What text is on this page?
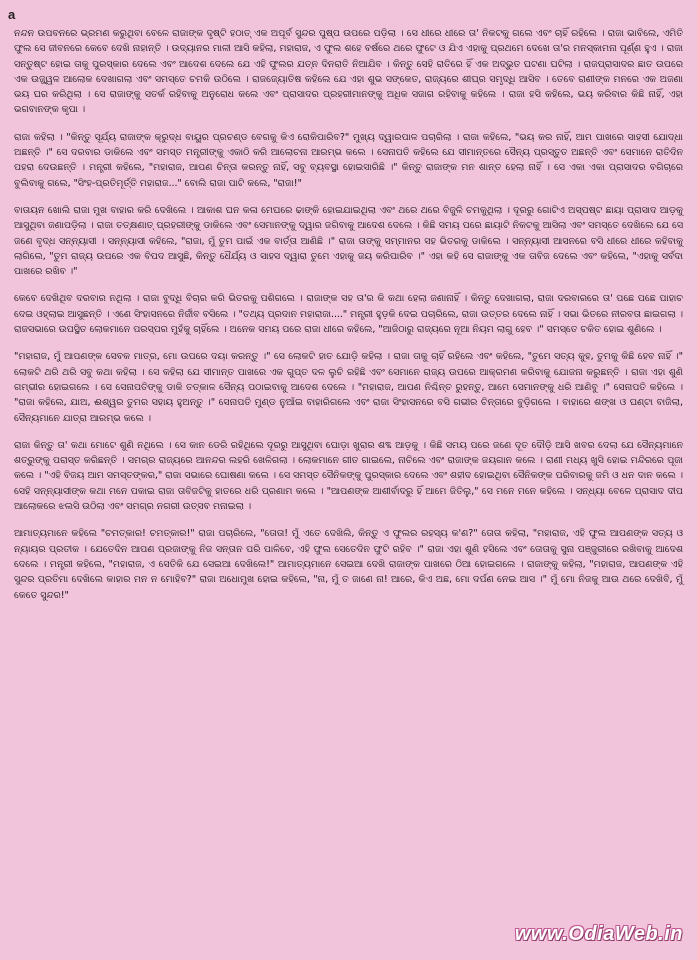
a

ନନ୍ଦନ ଉପବନରେ ଭ୍ରମଣ କରୁଥିବା ବେଳେ ରାଜାଙ୍କ ଦୃଷ୍ଟି ହଠାତ୍ ଏକ ଅପୂର୍ବ ସୁନ୍ଦର ପୁଷ୍ପ ଉପରେ ପଡ଼ିଲା । ସେ ଧୀରେ ଧୀରେ ତା' ନିକଟକୁ ଗଲେ ଏବଂ ଚାହିଁ ରହିଲେ । ରାଜା ଭାବିଲେ, ଏମିତି ଫୁଲ ସେ ଜୀବନରେ କେବେ ଦେଖି ନାହାନ୍ତି । ଉଦ୍ୟାନର ମାଳୀ ଆସି କହିଲା, ମହାରାଜ, ଏ ଫୁଲ ଶହେ ବର୍ଷରେ ଥରେ ଫୁଟେ ଓ ଯିଏ ଏହାକୁ ପ୍ରଥମେ ଦେଖେ ତା'ର ମନସ୍କାମନା ପୂର୍ଣ୍ଣ ହୁଏ । ରାଜା ସନ୍ତୁଷ୍ଟ ହୋଇ ତାକୁ ପୁରସ୍କାର ଦେଲେ ଏବଂ ଆଦେଶ ଦେଲେ ଯେ ଏହି ଫୁଲର ଯତ୍ନ ଦିନରାତି ନିଆଯିବ । କିନ୍ତୁ ସେହି ରାତିରେ ହିଁ ଏକ ଅଦ୍ଭୁତ ଘଟଣା ଘଟିଲା । ରାଜପ୍ରାସାଦର ଛାତ ଉପରେ ଏକ ଉଜ୍ଜ୍ୱଳ ଆଲୋକ ଦେଖାଗଲା ଏବଂ ସମସ୍ତେ ଚମକି ଉଠିଲେ । ରାଜଜ୍ୟୋତିଷ କହିଲେ ଯେ ଏହା ଶୁଭ ସଙ୍କେତ, ରାଜ୍ୟରେ ଶୀଘ୍ର ସମୃଦ୍ଧି ଆସିବ । ତେବେ ରାଣୀଙ୍କ ମନରେ ଏକ ଅଜଣା ଭୟ ଘର କରିଥିଲା । ସେ ରାଜାଙ୍କୁ ସତର୍କ ରହିବାକୁ ଅନୁରୋଧ କଲେ ଏବଂ ପ୍ରାସାଦର ପ୍ରହରୀମାନଙ୍କୁ ଅଧିକ ସଜାଗ ରହିବାକୁ କହିଲେ । ରାଜା ହସି କହିଲେ, ଭୟ କରିବାର କିଛି ନାହିଁ, ଏହା ଭଗବାନଙ୍କ କୃପା ।

ରାଜା କହିଲା । "କିନ୍ତୁ ସୂର୍ଯ୍ୟ ରାଜାଙ୍କ କ୍ରୁଦ୍ଧ ବାୟୁର ପ୍ରଚଣ୍ଡ ବେଗକୁ କିଏ ରୋକିପାରିବ?" ମୁଖ୍ୟ ଦ୍ୱାରପାଳ ପଚାରିଲା । ରାଜା କହିଲେ, "ଭୟ କର ନାହିଁ, ଆମ ପାଖରେ ସାହସୀ ଯୋଦ୍ଧା ଅଛନ୍ତି ।" ସେ ଦରବାର ଡାକିଲେ ଏବଂ ସମସ୍ତ ମନ୍ତ୍ରୀଙ୍କୁ ଏକାଠି କରି ଆଲୋଚନା ଆରମ୍ଭ କଲେ । ସେନାପତି କହିଲେ ଯେ ସୀମାନ୍ତରେ ସୈନ୍ୟ ପ୍ରସ୍ତୁତ ଅଛନ୍ତି ଏବଂ ସେମାନେ ରାତିଦିନ ପହରା ଦେଉଛନ୍ତି । ମନ୍ତ୍ରୀ କହିଲେ, "ମହାରାଜ, ଆପଣ ଚିନ୍ତା କରନ୍ତୁ ନାହିଁ, ସବୁ ବ୍ୟବସ୍ଥା ହୋଇସାରିଛି ।" କିନ୍ତୁ ରାଜାଙ୍କ ମନ ଶାନ୍ତ ହେଲା ନାହିଁ । ସେ ଏକା ଏକା ପ୍ରାସାଦର ବଗିଚାରେ ବୁଲିବାକୁ ଗଲେ, "ସିଂହ-ପ୍ରତିମୂର୍ତ୍ତି ମହାରାଜ..." ବୋଲି ରାଜା ପାଟି କଲେ, "ରାଜା!"

ବାତାୟନ ଖୋଲି ରାଜା ମୁଖ ବାହାର କରି ଦେଖିଲେ । ଆକାଶ ଘନ କଳା ମେଘରେ ଢାଙ୍କି ହୋଇଯାଇଥିଲା ଏବଂ ଥରେ ଥରେ ବିଜୁଳି ଚମକୁଥିଲା । ଦୂରରୁ ଗୋଟିଏ ଅସ୍ପଷ୍ଟ ଛାୟା ପ୍ରାସାଦ ଆଡ଼କୁ ଆସୁଥିବା ଜଣାପଡ଼ିଲା । ରାଜା ତତ୍କ୍ଷଣାତ୍ ପ୍ରହରୀଙ୍କୁ ଡାକିଲେ ଏବଂ ସେମାନଙ୍କୁ ଦ୍ୱାର ଜଗିବାକୁ ଆଦେଶ ଦେଲେ । କିଛି ସମୟ ପରେ ଛାୟାଟି ନିକଟକୁ ଆସିଲା ଏବଂ ସମସ୍ତେ ଦେଖିଲେ ଯେ ସେ ଜଣେ ବୃଦ୍ଧ ସନ୍ନ୍ୟାସୀ । ସନ୍ନ୍ୟାସୀ କହିଲେ, "ରାଜା, ମୁଁ ତୁମ ପାଇଁ ଏକ ବାର୍ତ୍ତା ଆଣିଛି ।" ରାଜା ତାଙ୍କୁ ସମ୍ମାନର ସହ ଭିତରକୁ ଡାକିଲେ । ସନ୍ନ୍ୟାସୀ ଆସନରେ ବସି ଧୀରେ ଧୀରେ କହିବାକୁ ଲାଗିଲେ, "ତୁମ ରାଜ୍ୟ ଉପରେ ଏକ ବିପଦ ଆସୁଛି, କିନ୍ତୁ ଧୈର୍ଯ୍ୟ ଓ ସାହସ ଦ୍ୱାରା ତୁମେ ଏହାକୁ ଜୟ କରିପାରିବ ।" ଏହା କହି ସେ ରାଜାଙ୍କୁ ଏକ ତାବିଜ ଦେଲେ ଏବଂ କହିଲେ, "ଏହାକୁ ସର୍ବଦା ପାଖରେ ରଖିବ ।"

କେବେ ଦେଖିଥିବ ଦରବାର ନଥିଲା । ରାଜା ବୁଦ୍ଧି ବିଚାର କରି ଭିତରକୁ ପଶିଗଲେ । ରାଜାଙ୍କ ସହ ତା'ର କି କଥା ହେଲା ଜଣାନାହିଁ । କିନ୍ତୁ ଦେଖାଗଲା, ରାଜା ଦରବାରରେ ତା' ପଛେ ପଛେ ପାହାଚ ଦେଇ ଓହ୍ଲାଇ ଆସୁଛନ୍ତି । ଏଣେ ସିଂହାସନରେ ନିର୍ଜୀବ ବସିଲେ । "ତଥ୍ୟ ପ୍ରଦାନ ମହାରାଜା...." ମନ୍ତ୍ରୀ ହୁଡ଼କି ଦେଇ ପଚାରିଲେ, ରାଜା ଉତ୍ତର ଦେଲେ ନାହିଁ । ସଭା ଭିତରେ ନୀରବତା ଛାଇଗଲା । ରାଜସଭାରେ ଉପସ୍ଥିତ ଲୋକମାନେ ପରସ୍ପର ମୁହଁକୁ ଚାହିଁଲେ । ଅନେକ ସମୟ ପରେ ରାଜା ଧୀରେ କହିଲେ, "ଆଜିଠାରୁ ରାଜ୍ୟରେ ନୂଆ ନିୟମ ଲାଗୁ ହେବ ।" ସମସ୍ତେ ଚକିତ ହୋଇ ଶୁଣିଲେ ।

"ମହାରାଜ, ମୁଁ ଆପଣଙ୍କ ସେବକ ମାତ୍ର, ମୋ ଉପରେ ଦୟା କରନ୍ତୁ ।" ସେ ଲୋକଟି ହାତ ଯୋଡ଼ି କହିଲା । ରାଜା ତାକୁ ଚାହିଁ ରହିଲେ ଏବଂ କହିଲେ, "ତୁମେ ସତ୍ୟ କୁହ, ତୁମକୁ କିଛି ହେବ ନାହିଁ ।" ଲୋକଟି ଥରି ଥରି ସବୁ କଥା କହିଲା । ସେ କହିଲା ଯେ ସୀମାନ୍ତ ପାଖରେ ଏକ ଗୁପ୍ତ ଦଳ ଲୁଚି ରହିଛି ଏବଂ ସେମାନେ ରାଜ୍ୟ ଉପରେ ଆକ୍ରମଣ କରିବାକୁ ଯୋଜନା କରୁଛନ୍ତି । ରାଜା ଏହା ଶୁଣି ଗମ୍ଭୀର ହୋଇଗଲେ । ସେ ସେନାପତିଙ୍କୁ ଡାକି ତତ୍କାଳ ସୈନ୍ୟ ପଠାଇବାକୁ ଆଦେଶ ଦେଲେ । "ମହାରାଜ, ଆପଣ ନିଶ୍ଚିନ୍ତ ରୁହନ୍ତୁ, ଆମେ ସେମାନଙ୍କୁ ଧରି ଆଣିବୁ ।" ସେନାପତି କହିଲେ । "ରାଜା କହିଲେ, ଯାଅ, ଈଶ୍ୱର ତୁମର ସହାୟ ହୁଅନ୍ତୁ ।" ସେନାପତି ମୁଣ୍ଡ ନୁଆଁଇ ବାହାରିଗଲେ ଏବଂ ରାଜା ସିଂହାସନରେ ବସି ଗଭୀର ଚିନ୍ତାରେ ବୁଡ଼ିଗଲେ । ବାହାରେ ଶଙ୍ଖ ଓ ଘଣ୍ଟା ବାଜିଲା, ସୈନ୍ୟମାନେ ଯାତ୍ରା ଆରମ୍ଭ କଲେ ।

ରାଜା କିନ୍ତୁ ତା' କଥା ମୋଟେ ଶୁଣି ନଥିଲେ । ସେ କାନ ଡେରି ରହିଥିଲେ ଦୂରରୁ ଆସୁଥିବା ଘୋଡ଼ା ଖୁରାର ଶବ୍ଦ ଆଡ଼କୁ । କିଛି ସମୟ ପରେ ଜଣେ ଦୂତ ଦୌଡ଼ି ଆସି ଖବର ଦେଲା ଯେ ସୈନ୍ୟମାନେ ଶତ୍ରୁଙ୍କୁ ପରାସ୍ତ କରିଛନ୍ତି । ସମଗ୍ର ରାଜ୍ୟରେ ଆନନ୍ଦର ଲହରି ଖେଳିଗଲା । ଲୋକମାନେ ଗୀତ ଗାଇଲେ, ନାଚିଲେ ଏବଂ ରାଜାଙ୍କ ଜୟଗାନ କଲେ । ରାଣୀ ମଧ୍ୟ ଖୁସି ହୋଇ ମନ୍ଦିରରେ ପୂଜା କଲେ । "ଏହି ବିଜୟ ଆମ ସମସ୍ତଙ୍କର," ରାଜା ସଭାରେ ଘୋଷଣା କଲେ । ସେ ସମସ୍ତ ସୈନିକଙ୍କୁ ପୁରସ୍କାର ଦେଲେ ଏବଂ ଶହୀଦ ହୋଇଥିବା ସୈନିକଙ୍କ ପରିବାରକୁ ଜମି ଓ ଧନ ଦାନ କଲେ । ସେହି ସନ୍ନ୍ୟାସୀଙ୍କ କଥା ମନେ ପକାଇ ରାଜା ତାବିଜଟିକୁ ହାତରେ ଧରି ପ୍ରଣାମ କଲେ । "ଆପଣଙ୍କ ଆଶୀର୍ବାଦରୁ ହିଁ ଆମେ ଜିତିଲୁ," ସେ ମନେ ମନେ କହିଲେ । ସନ୍ଧ୍ୟା ବେଳେ ପ୍ରାସାଦ ଦୀପ ଆଲୋକରେ ଝଲସି ଉଠିଲା ଏବଂ ସମଗ୍ର ନଗରୀ ଉତ୍ସବ ମନାଇଲା ।

ଆମାତ୍ୟମାନେ କହିଲେ "ଚମତ୍କାର! ଚମତ୍କାର!" ରାଜା ପଚାରିଲେ, "ତୋତା! ମୁଁ ଏତେ ଦେଖିଲି, କିନ୍ତୁ ଏ ଫୁଲର ରହସ୍ୟ କ'ଣ?" ତୋତା କହିଲା, "ମହାରାଜ, ଏହି ଫୁଲ ଆପଣଙ୍କ ସତ୍ୟ ଓ ନ୍ୟାୟର ପ୍ରତୀକ । ଯେତେଦିନ ଆପଣ ପ୍ରଜାଙ୍କୁ ନିଜ ସନ୍ତାନ ପରି ପାଳିବେ, ଏହି ଫୁଲ ସେତେଦିନ ଫୁଟି ରହିବ ।" ରାଜା ଏହା ଶୁଣି ହସିଲେ ଏବଂ ତୋତାକୁ ସୁନା ପଞ୍ଜୁରୀରେ ରଖିବାକୁ ଆଦେଶ ଦେଲେ । ମନ୍ତ୍ରୀ କହିଲେ, "ମହାରାଜ, ଏ ସେତିକି ଯେ ସେଇଆ ଦେଖିଲେ!" ଆମାତ୍ୟମାନେ ସେଇଆ ଦେଖି ରାଜାଙ୍କ ପାଖରେ ଠିଆ ହୋଇଗଲେ । ରାଜାଙ୍କୁ କହିଲା, "ମହାରାଜ, ଆପଣଙ୍କ ଏହି ସୁନ୍ଦର ପ୍ରତିମା ଦେଖିଲେ କାହାର ମନ ନ ମୋହିବ?" ରାଜା ଅଧୋମୁଖ ହୋଇ କହିଲେ, "ନା, ମୁଁ ତ ଜାଣେ ନା! ଆରେ, କିଏ ଅଛ, ମୋ ଦର୍ପଣ ନେଇ ଆସ ।" ମୁଁ ମୋ ନିଜକୁ ଆଉ ଥରେ ଦେଖିବି, ମୁଁ କେତେ ସୁନ୍ଦର!"

www.OdiaWeb.in
